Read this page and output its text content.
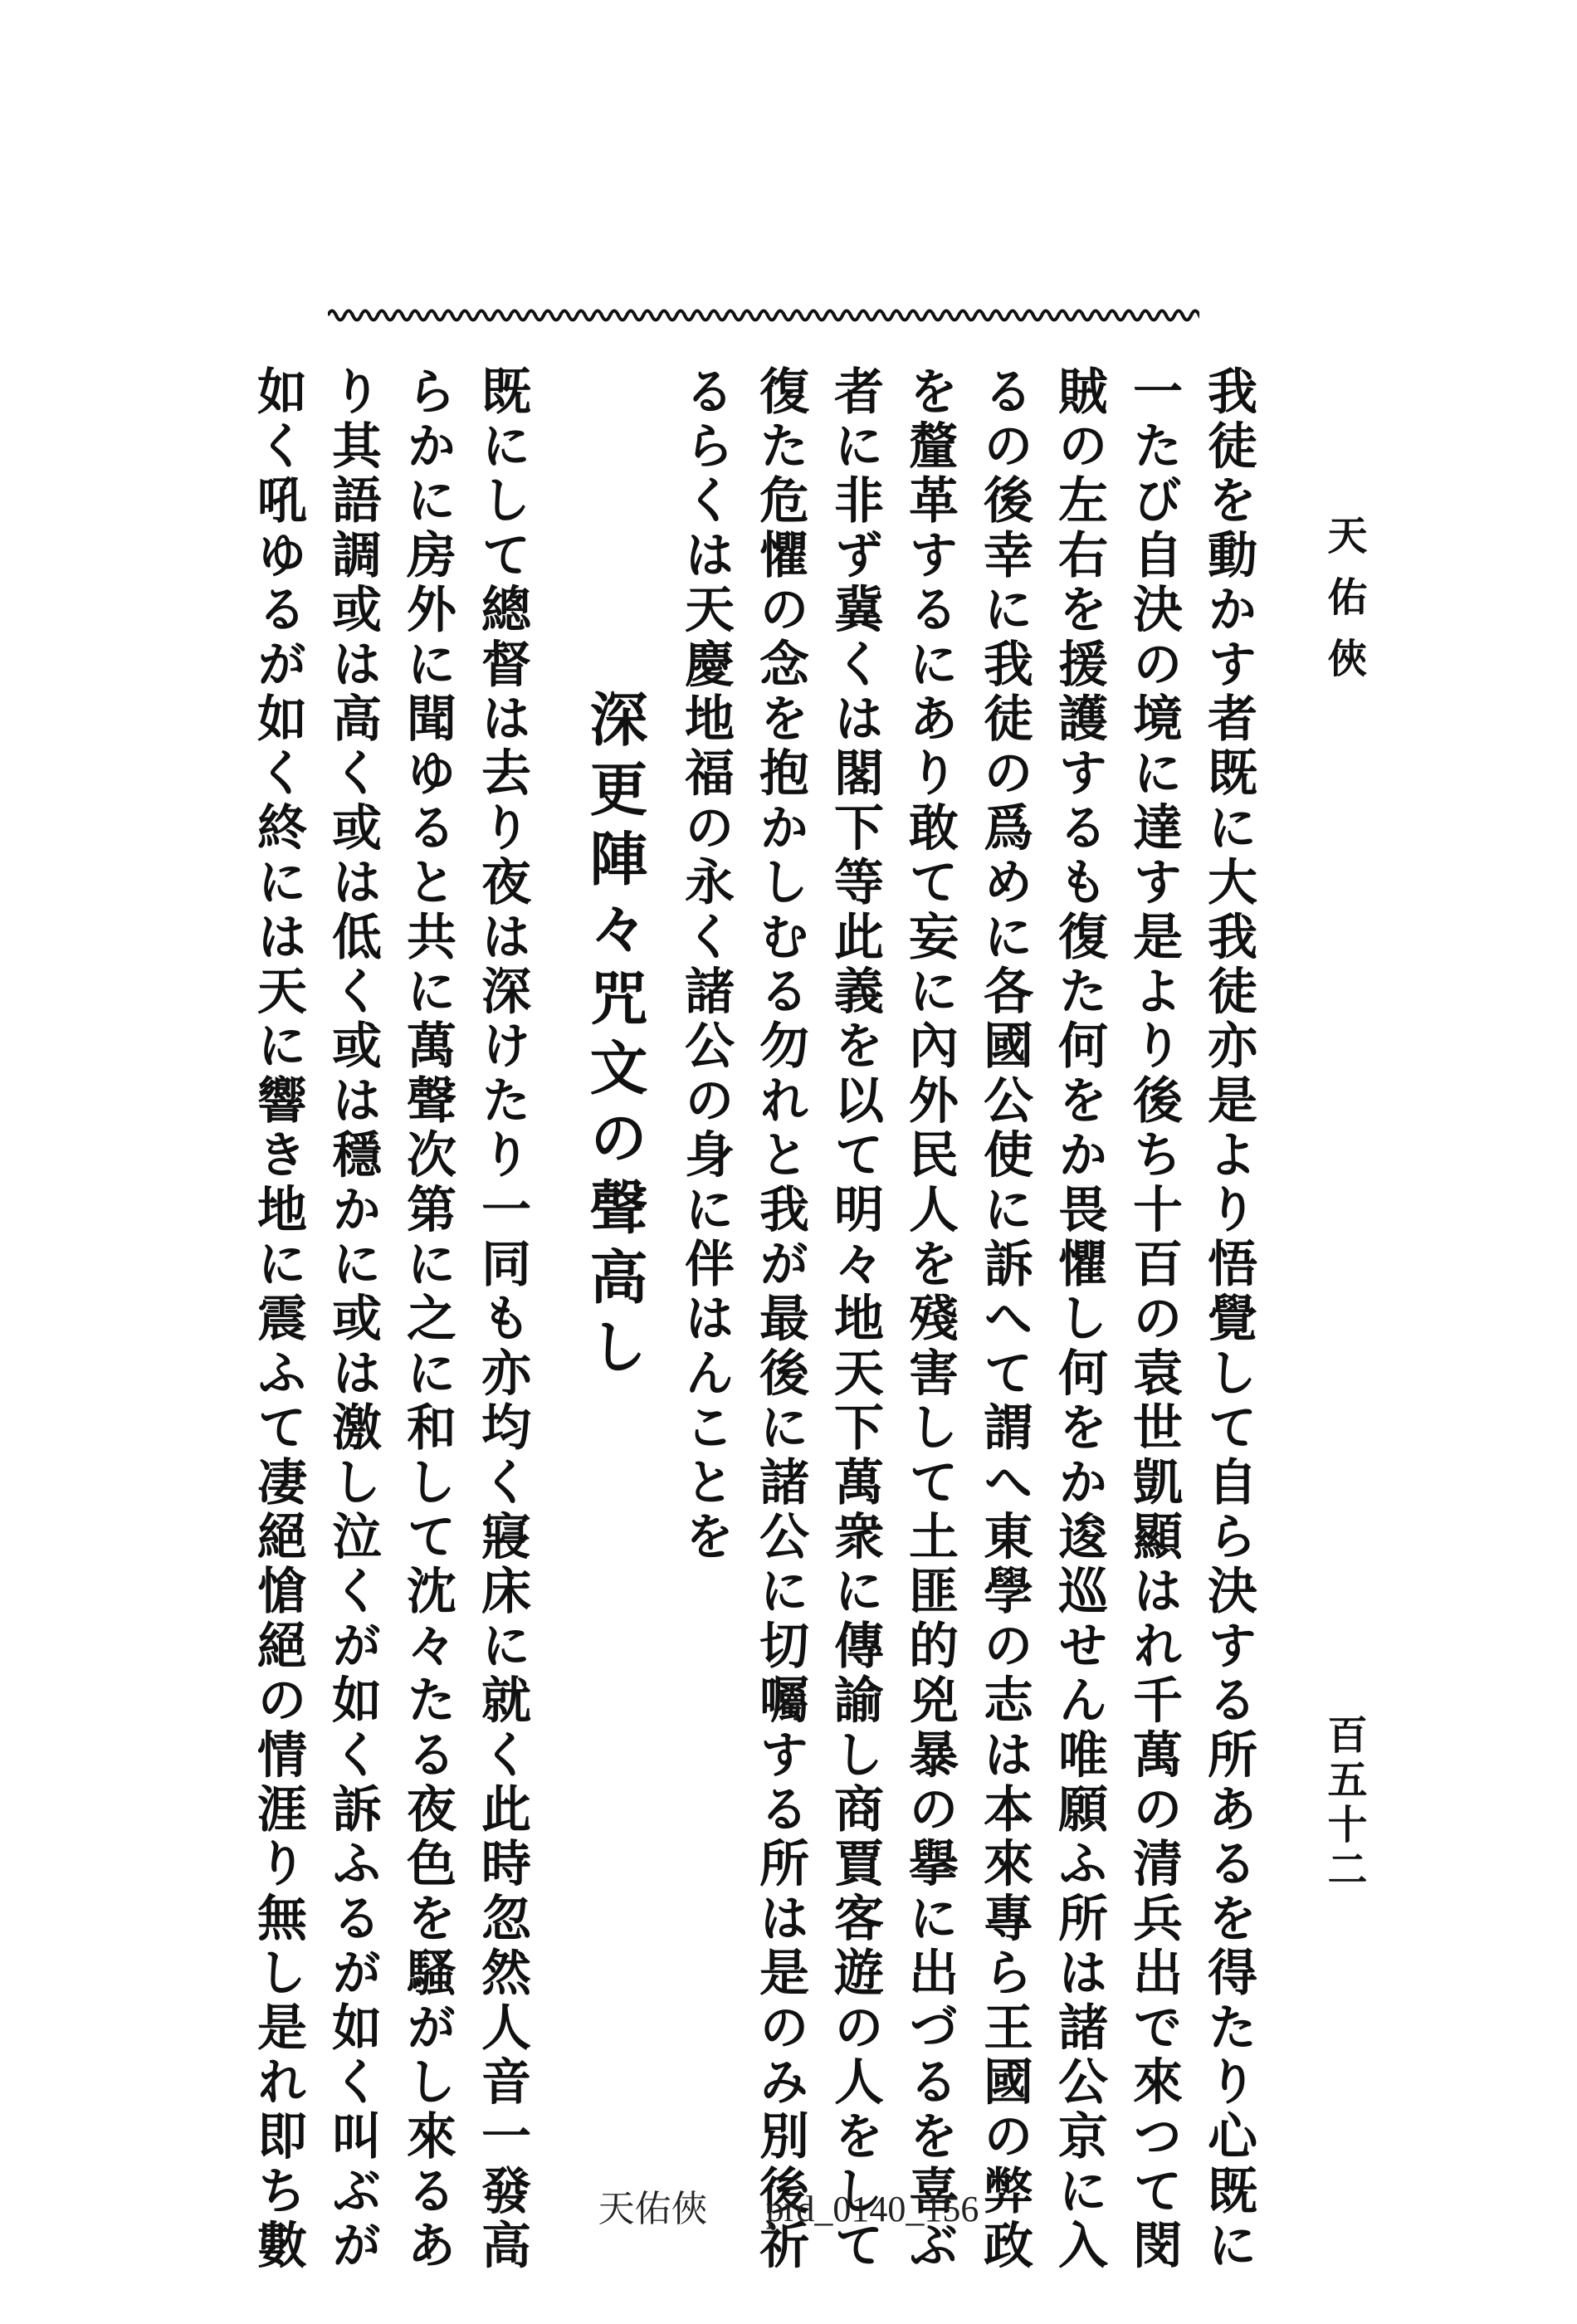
天佑俠
百五十二
我徒を動かす者既に大我徒亦是より悟覺して自ら決する所あるを得たり心既に
一たび自決の境に達す是より後ち十百の袁世凱顯はれ千萬の清兵出で來つて閔
賊の左右を援護するも復た何をか畏懼し何をか逡巡せん唯願ふ所は諸公京に入
るの後幸に我徒の爲めに各國公使に訴へて謂へ東學の志は本來專ら王國の弊政
を釐革するにあり敢て妄に內外民人を殘害して土匪的兇暴の擧に出づるを喜ぶ
者に非ず冀くは閣下等此義を以て明々地天下萬衆に傳諭し商賈客遊の人をして
復た危懼の念を抱かしむる勿れと我が最後に諸公に切囑する所は是のみ別後祈
るらくは天慶地福の永く諸公の身に伴はんことを
深更陣々咒文の聲高し
既にして總督は去り夜は深けたり一同も亦均く寢床に就く此時忽然人音一發高
らかに房外に聞ゆると共に萬聲次第に之に和して沈々たる夜色を騷がし來るあ
り其語調或は高く或は低く或は穩かに或は激し泣くが如く訴ふるが如く叫ぶが
如く吼ゆるが如く終には天に響き地に震ふて凄絕愴絕の情涯り無し是れ即ち數	天佑俠 prd_0140_156
